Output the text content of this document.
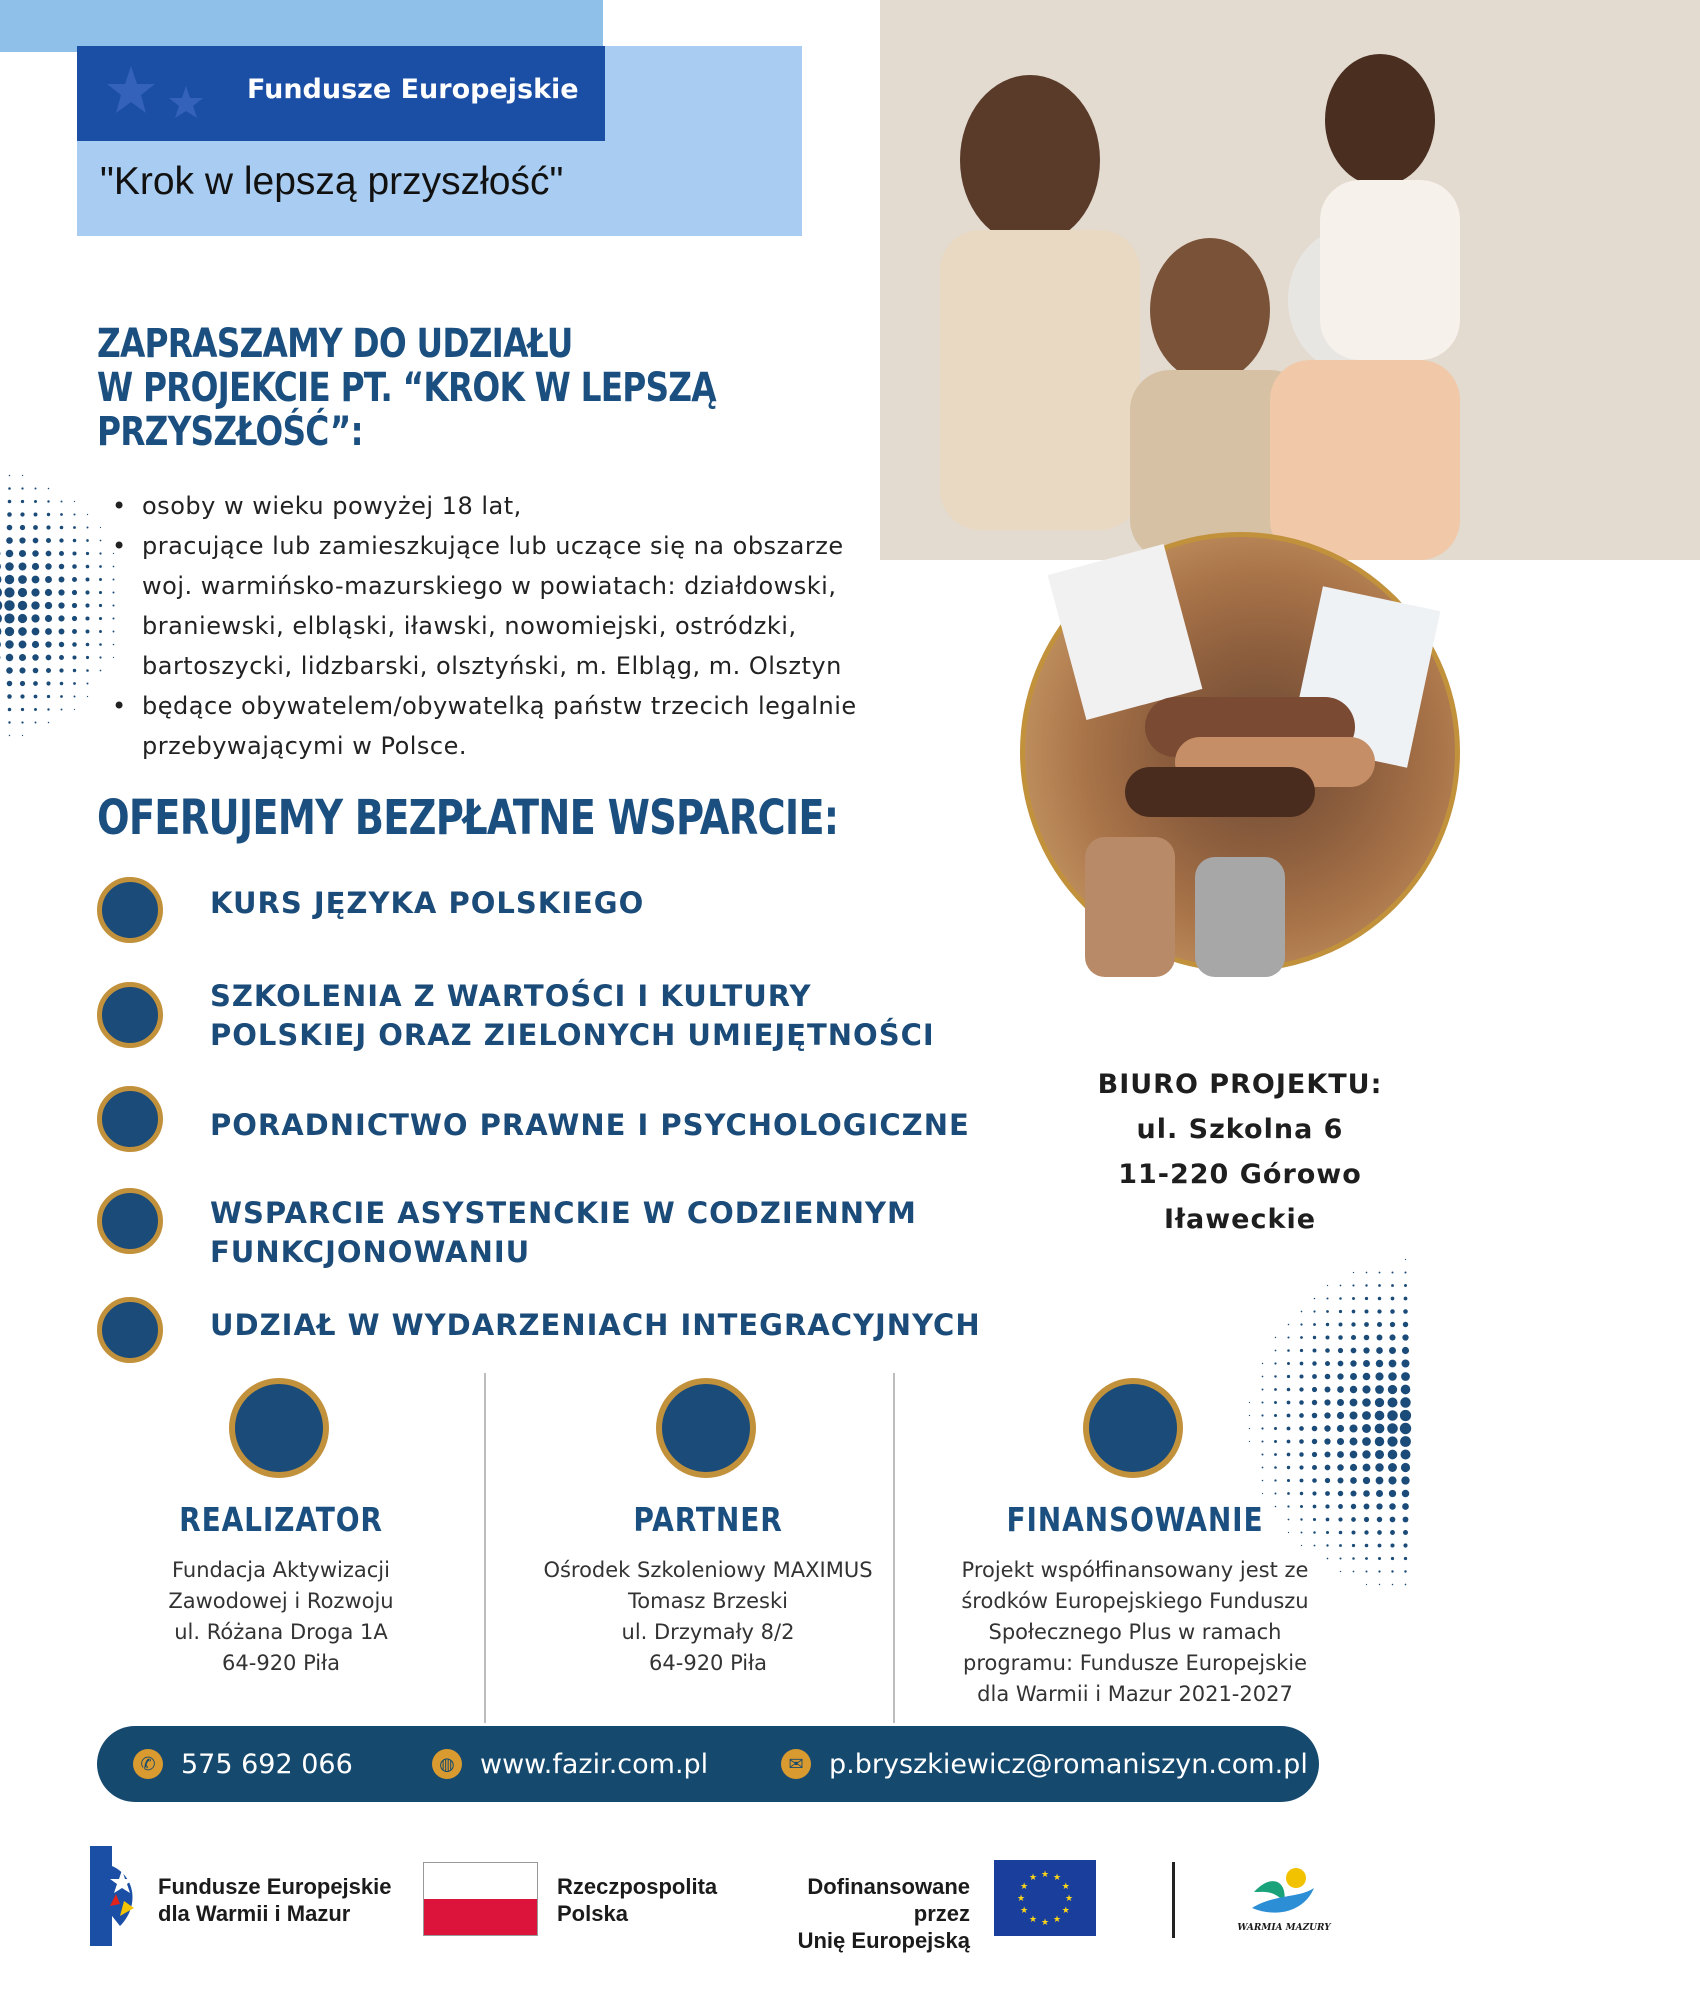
Fundusze Europejskie
"Krok w lepszą przyszłość"
ZAPRASZAMY DO UDZIAŁU
W PROJEKCIE PT. “KROK W LEPSZĄ
PRZYSZŁOŚĆ”:
• osoby w wieku powyżej 18 lat,
• pracujące lub zamieszkujące lub uczące się na obszarze
woj. warmińsko-mazurskiego w powiatach: działdowski,
braniewski, elbląski, iławski, nowomiejski, ostródzki,
bartoszycki, lidzbarski, olsztyński, m. Elbląg, m. Olsztyn
• będące obywatelem/obywatelką państw trzecich legalnie
przebywającymi w Polsce.
OFERUJEMY BEZPŁATNE WSPARCIE:
KURS JĘZYKA POLSKIEGO
SZKOLENIA Z WARTOŚCI I KULTURY
POLSKIEJ ORAZ ZIELONYCH UMIEJĘTNOŚCI
PORADNICTWO PRAWNE I PSYCHOLOGICZNE
WSPARCIE ASYSTENCKIE W CODZIENNYM
FUNKCJONOWANIU
UDZIAŁ W WYDARZENIACH INTEGRACYJNYCH
BIURO PROJEKTU:
ul. Szkolna 6
11-220 Górowo
Iławeckie
REALIZATOR	PARTNER	FINANSOWANIE
Fundacja Aktywizacji
Zawodowej i Rozwoju
ul. Różana Droga 1A
64-920 Piła
Ośrodek Szkoleniowy MAXIMUS
Tomasz Brzeski
ul. Drzymały 8/2
64-920 Piła
Projekt współfinansowany jest ze
środków Europejskiego Funduszu
Społecznego Plus w ramach
programu: Fundusze Europejskie
dla Warmii i Mazur 2021-2027
✆ 575 692 066	◍ www.fazir.com.pl	✉ p.bryszkiewicz@romaniszyn.com.pl
Fundusze Europejskie
dla Warmii i Mazur
Rzeczpospolita
Polska
Dofinansowane przez
Unię Europejską
★
★
★
★
★
★
★
★
★ ★ ★
★
WARMIA MAZURY
